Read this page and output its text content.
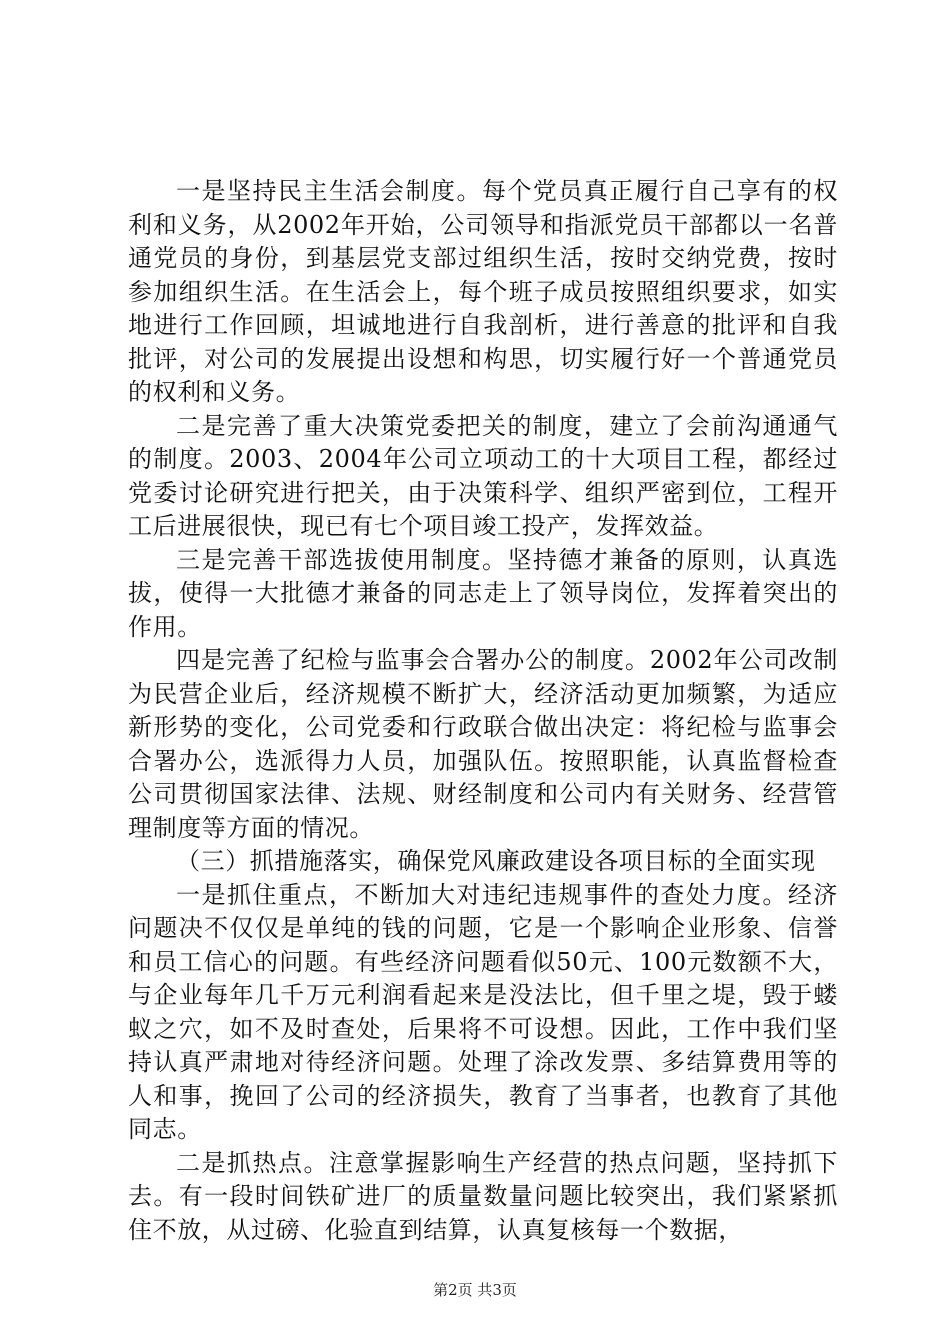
一是坚持民主生活会制度。每个党员真正履行自己享有的权利和义务，从2002年开始，公司领导和指派党员干部都以一名普通党员的身份，到基层党支部过组织生活，按时交纳党费，按时参加组织生活。在生活会上，每个班子成员按照组织要求，如实地进行工作回顾，坦诚地进行自我剖析，进行善意的批评和自我批评，对公司的发展提出设想和构思，切实履行好一个普通党员的权利和义务。

二是完善了重大决策党委把关的制度，建立了会前沟通通气的制度。2003、2004年公司立项动工的十大项目工程，都经过党委讨论研究进行把关，由于决策科学、组织严密到位，工程开工后进展很快，现已有七个项目竣工投产，发挥效益。

三是完善干部选拔使用制度。坚持德才兼备的原则，认真选拔，使得一大批德才兼备的同志走上了领导岗位，发挥着突出的作用。

四是完善了纪检与监事会合署办公的制度。2002年公司改制为民营企业后，经济规模不断扩大，经济活动更加频繁，为适应新形势的变化，公司党委和行政联合做出决定：将纪检与监事会合署办公，选派得力人员，加强队伍。按照职能，认真监督检查公司贯彻国家法律、法规、财经制度和公司内有关财务、经营管理制度等方面的情况。

（三）抓措施落实，确保党风廉政建设各项目标的全面实现

一是抓住重点，不断加大对违纪违规事件的查处力度。经济问题决不仅仅是单纯的钱的问题，它是一个影响企业形象、信誉和员工信心的问题。有些经济问题看似50元、100元数额不大，与企业每年几千万元利润看起来是没法比，但千里之堤，毁于蝼蚁之穴，如不及时查处，后果将不可设想。因此，工作中我们坚持认真严肃地对待经济问题。处理了涂改发票、多结算费用等的人和事，挽回了公司的经济损失，教育了当事者，也教育了其他同志。

二是抓热点。注意掌握影响生产经营的热点问题，坚持抓下去。有一段时间铁矿进厂的质量数量问题比较突出，我们紧紧抓住不放，从过磅、化验直到结算，认真复核每一个数据，

第2页 共3页
